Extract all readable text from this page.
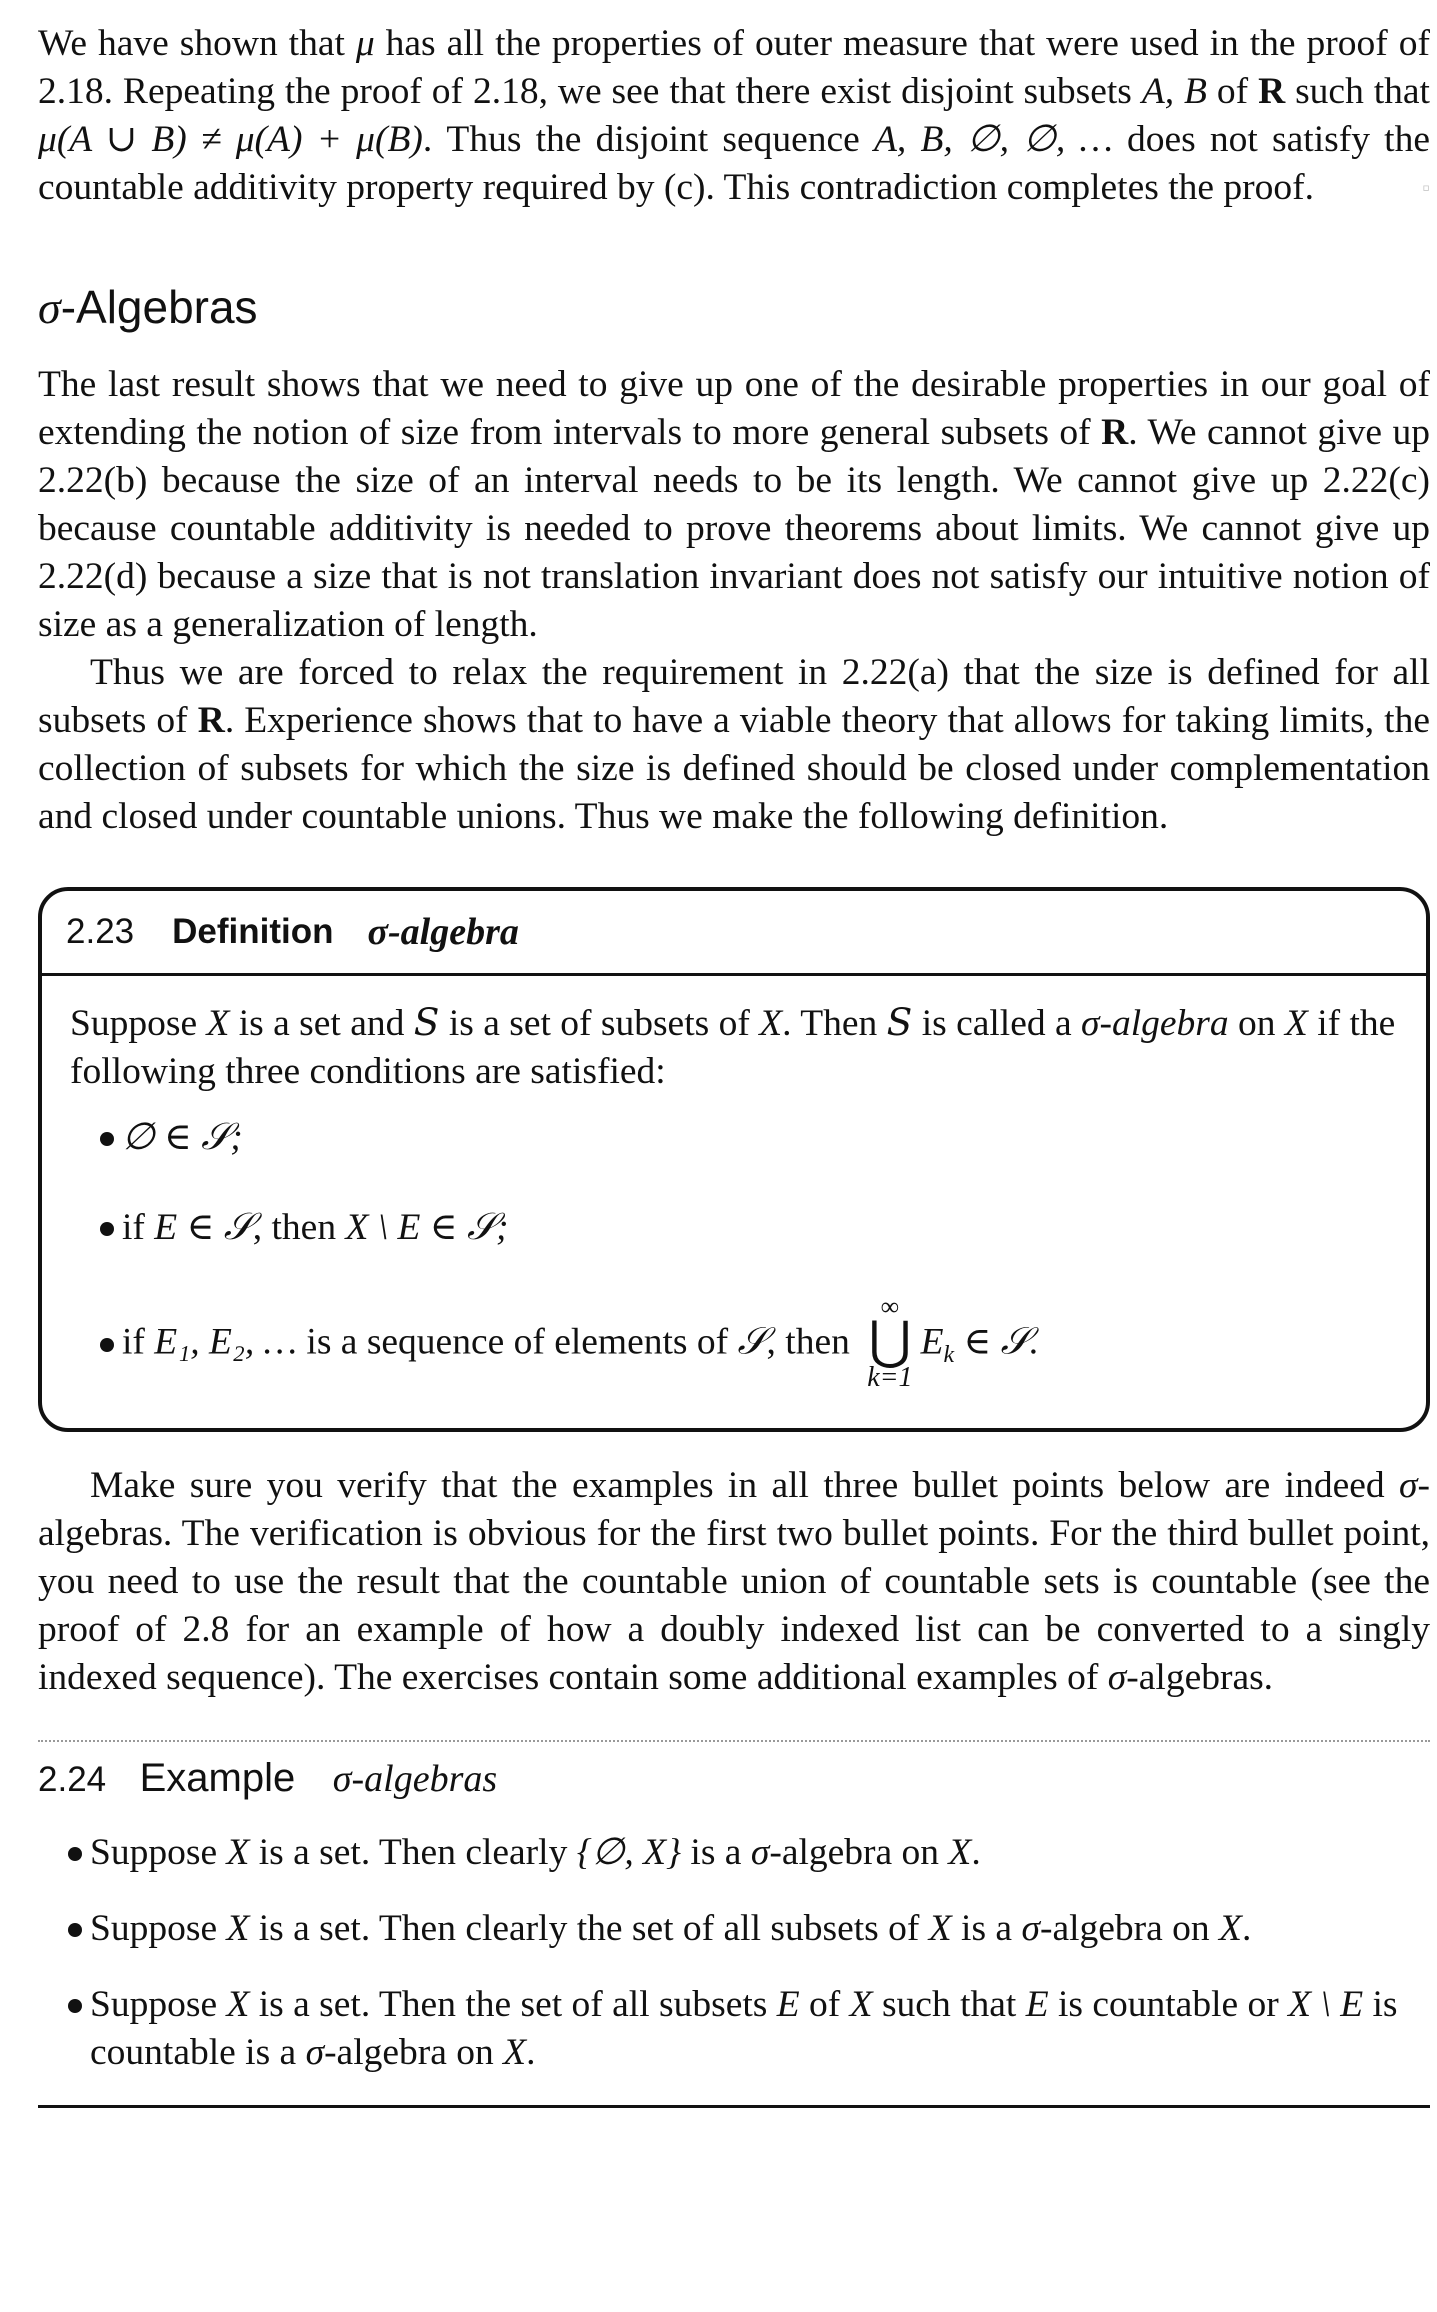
We have shown that μ has all the properties of outer measure that were used in the proof of 2.18. Repeating the proof of 2.18, we see that there exist disjoint subsets A, B of R such that μ(A ∪ B) ≠ μ(A) + μ(B). Thus the disjoint sequence A, B, ∅, ∅, … does not satisfy the countable additivity property required by (c). This contradiction completes the proof.	▫

σ-Algebras

The last result shows that we need to give up one of the desirable properties in our goal of extending the notion of size from intervals to more general subsets of R. We cannot give up 2.22(b) because the size of an interval needs to be its length. We cannot give up 2.22(c) because countable additivity is needed to prove theorems about limits. We cannot give up 2.22(d) because a size that is not translation invariant does not satisfy our intuitive notion of size as a generalization of length.

Thus we are forced to relax the requirement in 2.22(a) that the size is defined for all subsets of R. Experience shows that to have a viable theory that allows for taking limits, the collection of subsets for which the size is defined should be closed under complementation and closed under countable unions. Thus we make the following definition.

2.23 Definition σ-algebra

Suppose X is a set and S is a set of subsets of X. Then S is called a σ-algebra on X if the following three conditions are satisfied:

∅ ∈ 𝒮;
if E ∈ 𝒮, then X \ E ∈ 𝒮;
if E₁, E₂, … is a sequence of elements of 𝒮, then
∞
⋃
k=1
$E_k$ ∈ 𝒮.

Make sure you verify that the examples in all three bullet points below are indeed σ-algebras. The verification is obvious for the first two bullet points. For the third bullet point, you need to use the result that the countable union of countable sets is countable (see the proof of 2.8 for an example of how a doubly indexed list can be converted to a singly indexed sequence). The exercises contain some additional examples of σ-algebras.

2.24 Example σ-algebras
Suppose X is a set. Then clearly {∅, X} is a σ-algebra on X.
Suppose X is a set. Then clearly the set of all subsets of X is a σ-algebra on X.
Suppose X is a set. Then the set of all subsets E of X such that E is countable or X \ E is countable is a σ-algebra on X.
